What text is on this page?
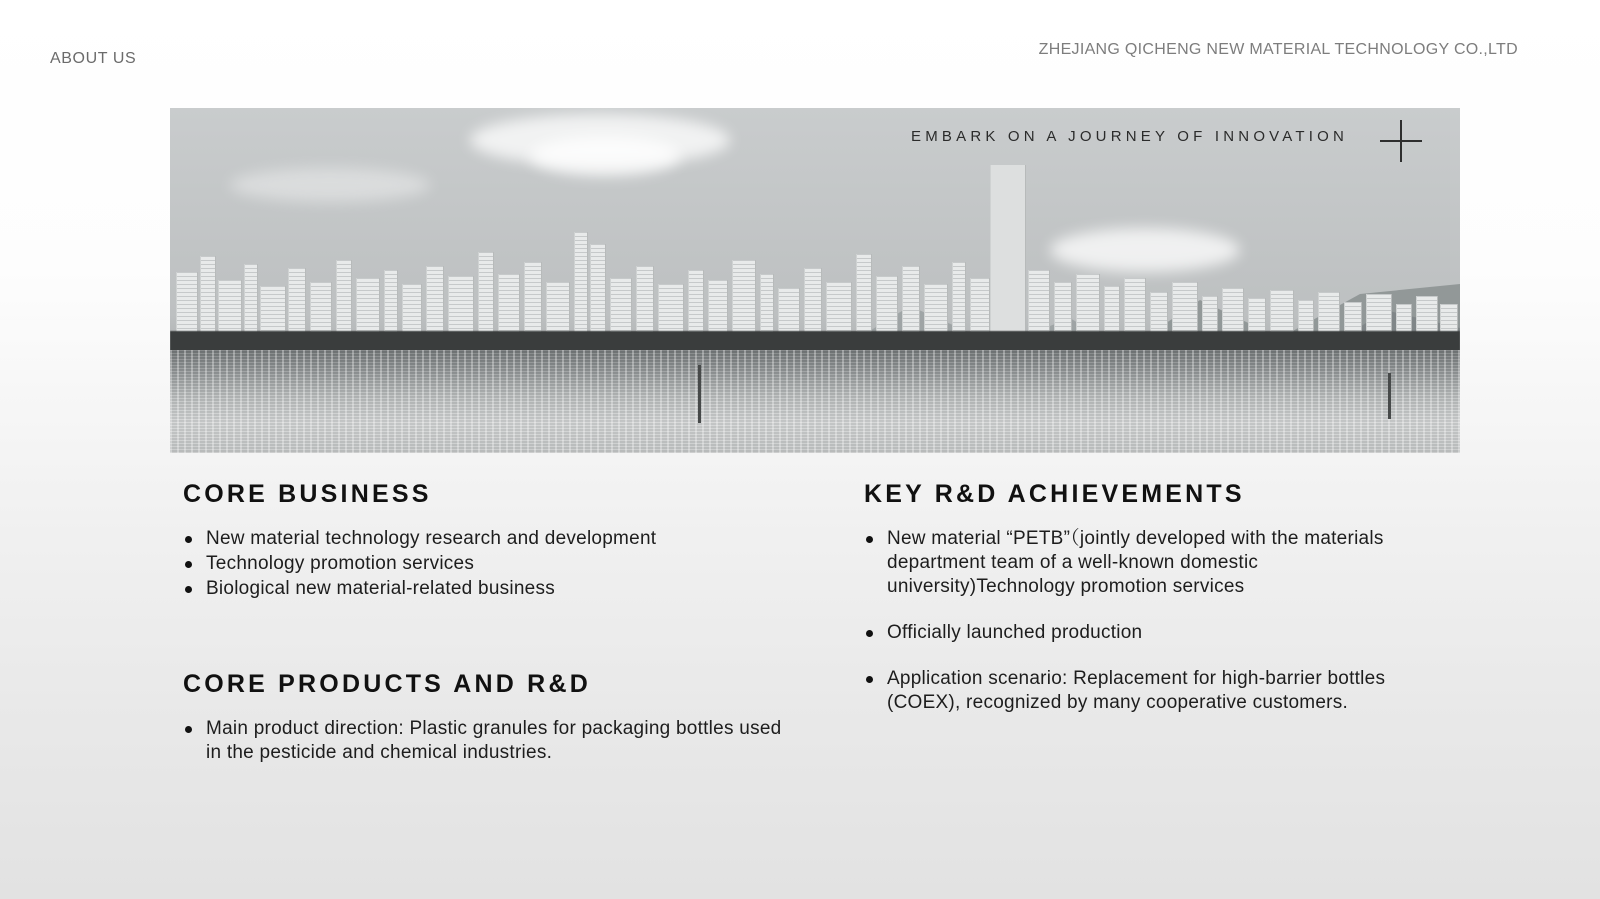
ABOUT US
ZHEJIANG QICHENG NEW MATERIAL TECHNOLOGY CO.,LTD
EMBARK ON A JOURNEY OF INNOVATION
CORE BUSINESS
New material technology research and development
Technology promotion services
Biological new material-related business
CORE PRODUCTS AND R&D
Main product direction: Plastic granules for packaging bottles used in the pesticide and chemical industries.
KEY R&D ACHIEVEMENTS
New material “PETB”（jointly developed with the materials department team of a well-known domestic university)Technology promotion services
Officially launched production
Application scenario: Replacement for high-barrier bottles (COEX), recognized by many cooperative customers.
